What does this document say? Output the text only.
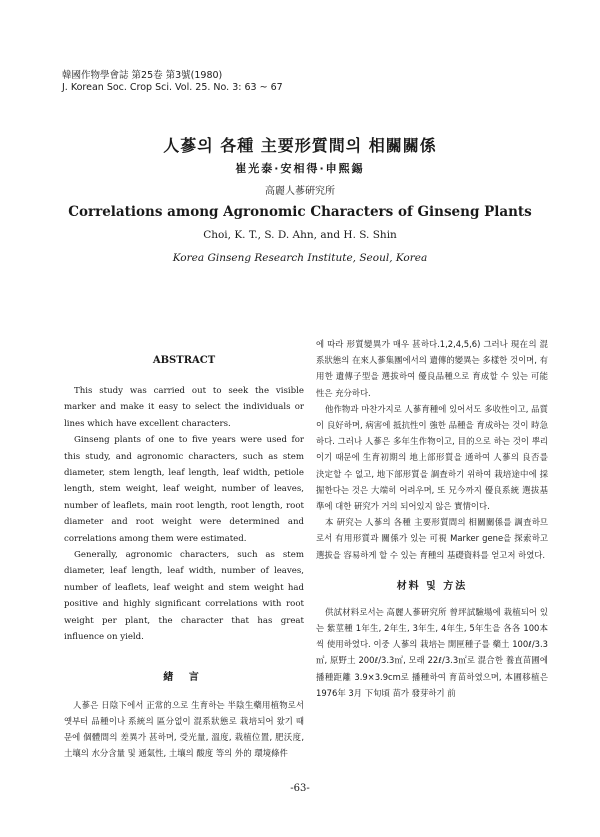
韓國作物學會誌 第25卷 第3號(1980)
J. Korean Soc. Crop Sci. Vol. 25. No. 3: 63 ~ 67
人蔘의 各種 主要形質間의 相關關係
崔光泰·安相得·申熙錫
高麗人蔘硏究所
Correlations among Agronomic Characters of Ginseng Plants
Choi, K. T., S. D. Ahn, and H. S. Shin
Korea Ginseng Research Institute, Seoul, Korea
ABSTRACT

This study was carried out to seek the visible marker and make it easy to select the individuals or lines which have excellent characters.

Ginseng plants of one to five years were used for this study, and agronomic characters, such as stem diameter, stem length, leaf length, leaf width, petiole length, stem weight, leaf weight, number of leaves, number of leaflets, main root length, root length, root diameter and root weight were determined and correlations among them were estimated.

Generally, agronomic characters, such as stem diameter, leaf length, leaf width, number of leaves, number of leaflets, leaf weight and stem weight had positive and highly significant correlations with root weight per plant, the character that has great influence on yield.

緖 言

人蔘은 日陰下에서 正常的으로 生育하는 半陰生藥用植物로서 옛부터 品種이나 系統의 區分없이 混系狀態로 栽培되어 왔기 때문에 個體間의 差異가 甚하며, 受光量, 溫度, 栽植位置, 肥沃度, 土壤의 水分含量 및 通氣性, 土壤의 酸度 等의 外的 環境條件

에 따라 形質變異가 매우 甚하다.1,2,4,5,6) 그러나 現在의 混系狀態의 在來人蔘集團에서의 遺傳的變異는 多樣한 것이며, 有用한 遺傳子型을 選拔하여 優良品種으로 育成할 수 있는 可能性은 充分하다.

他作物과 마찬가지로 人蔘育種에 있어서도 多收性이고, 品質이 良好하며, 病害에 抵抗性이 強한 品種을 育成하는 것이 時急하다. 그러나 人蔘은 多年生作物이고, 目的으로 하는 것이 뿌리이기 때문에 生育初期의 地上部形質을 通하여 人蔘의 良否를 決定할 수 없고, 地下部形質을 調査하기 위하여 栽培途中에 採掘한다는 것은 大端히 어려우며, 또 兄今까지 優良系統 選拔基準에 대한 硏究가 거의 되어있지 않은 實情이다.

本 硏究는 人蔘의 各種 主要形質間의 相關關係를 調査하므로서 有用形質과 關係가 있는 可視 Marker gene을 探索하고 選拔을 容易하게 할 수 있는 育種의 基礎資料를 얻고저 하였다.

材料 및 方法

供試材料로서는 高麗人蔘硏究所 曾坪試驗場에 栽植되어 있는 紫莖種 1年生, 2年生, 3年生, 4年生, 5年生을 各各 100本씩 使用하였다. 이중 人蔘의 栽培는 開匣種子를 藥土 100ℓ/3.3㎡, 原野土 200ℓ/3.3㎡, 모래 22ℓ/3.3㎡로 混合한 養直苗圃에 播種距離 3.9×3.9cm로 播種하여 育苗하였으며, 本圃移植은 1976年 3月 下旬頃 苗가 發芽하기 前

-63-
